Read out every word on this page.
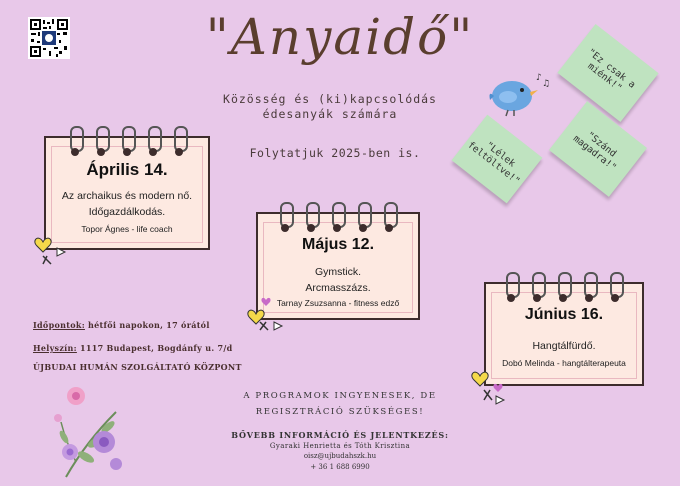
"Anyaidő"
Közösség és (ki)kapcsolódás
édesanyák számára
Folytatjuk 2025-ben is.
♪
♫	"Ez csak a miénk!"
"Szánd magadra!"
"Lélek feltöltve!"
Április 14.
Az archaikus és modern nő.
Időgazdálkodás.
Topor Ágnes - life coach
Május 12.
Gymstick.
Arcmasszázs.
Tarnay Zsuzsanna - fitness edző
Június 16.
Hangtálfürdő.
Dobó Melinda - hangtálterapeuta
Időpontok: hétfői napokon, 17 órától
Helyszín: 1117 Budapest, Bogdánfy u. 7/d
ÚJBUDAI HUMÁN SZOLGÁLTATÓ KÖZPONT
A PROGRAMOK INGYENESEK, DE
REGISZTRÁCIÓ SZÜKSÉGES!
BŐVEBB INFORMÁCIÓ ÉS JELENTKEZÉS:
Gyaraki Henrietta és Tóth Krisztina
oisz@ujbudahszk.hu
+ 36 1 688 6990
